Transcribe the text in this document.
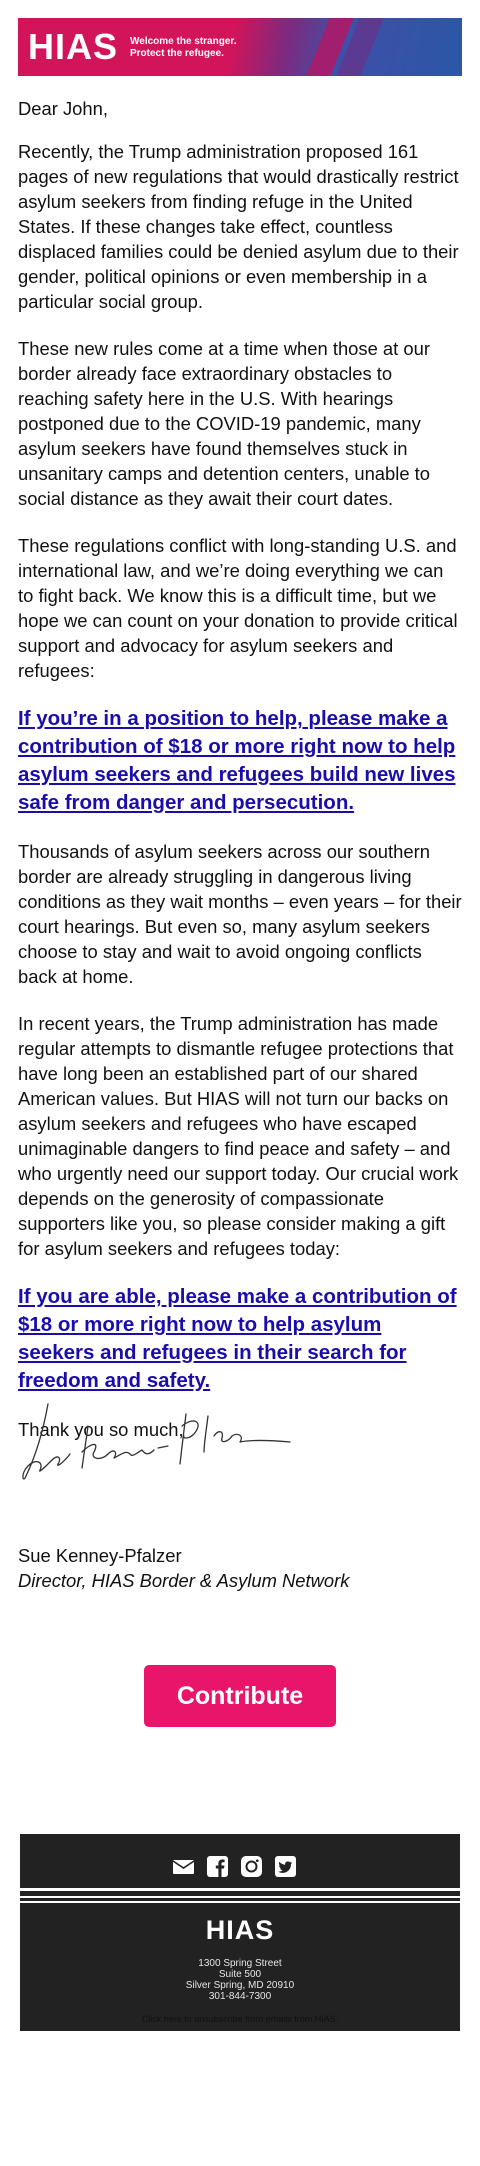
HIAS Welcome the stranger.
Protect the refugee.

Dear John,

Recently, the Trump administration proposed 161 pages of new regulations that would drastically restrict asylum seekers from finding refuge in the United States. If these changes take effect, countless displaced families could be denied asylum due to their gender, political opinions or even membership in a particular social group.

These new rules come at a time when those at our border already face extraordinary obstacles to reaching safety here in the U.S. With hearings postponed due to the COVID-19 pandemic, many asylum seekers have found themselves stuck in unsanitary camps and detention centers, unable to social distance as they await their court dates.

These regulations conflict with long-standing U.S. and international law, and we’re doing everything we can to fight back. We know this is a difficult time, but we hope we can count on your donation to provide critical support and advocacy for asylum seekers and refugees:

If you’re in a position to help, please make a contribution of $18 or more right now to help asylum seekers and refugees build new lives safe from danger and persecution.

Thousands of asylum seekers across our southern border are already struggling in dangerous living conditions as they wait months – even years – for their court hearings. But even so, many asylum seekers choose to stay and wait to avoid ongoing conflicts back at home.

In recent years, the Trump administration has made regular attempts to dismantle refugee protections that have long been an established part of our shared American values. But HIAS will not turn our backs on asylum seekers and refugees who have escaped unimaginable dangers to find peace and safety – and who urgently need our support today. Our crucial work depends on the generosity of compassionate supporters like you, so please consider making a gift for asylum seekers and refugees today:

If you are able, please make a contribution of $18 or more right now to help asylum seekers and refugees in their search for freedom and safety.

Thank you so much,

Sue Kenney-Pfalzer
Director, HIAS Border & Asylum Network
Contribute
HIAS
1300 Spring Street
Suite 500
Silver Spring, MD 20910
301-844-7300
Click here to unsubscribe from emails from HIAS.
